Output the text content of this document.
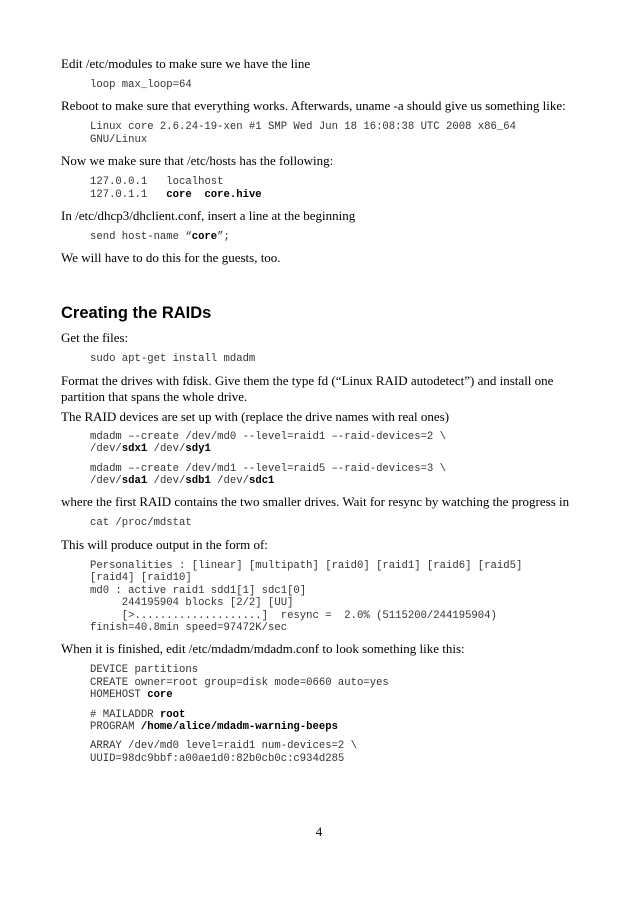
Edit /etc/modules to make sure we have the line

loop max_loop=64

Reboot to make sure that everything works. Afterwards, uname -a should give us something like:

Linux core 2.6.24-19-xen #1 SMP Wed Jun 18 16:08:38 UTC 2008 x86_64
GNU/Linux

Now we make sure that /etc/hosts has the following:

127.0.0.1 localhost
127.0.1.1 core core.hive

In /etc/dhcp3/dhclient.conf, insert a line at the beginning

send host-name “core”;

We will have to do this for the guests, too.

Creating the RAIDs

Get the files:

sudo apt-get install mdadm

Format the drives with fdisk. Give them the type fd (“Linux RAID autodetect”) and install one partition that spans the whole drive.

The RAID devices are set up with (replace the drive names with real ones)

mdadm –-create /dev/md0 --level=raid1 –-raid-devices=2 \
/dev/sdx1 /dev/sdy1
mdadm –-create /dev/md1 --level=raid5 –-raid-devices=3 \
/dev/sda1 /dev/sdb1 /dev/sdc1

where the first RAID contains the two smaller drives. Wait for resync by watching the progress in

cat /proc/mdstat

This will produce output in the form of:

Personalities : [linear] [multipath] [raid0] [raid1] [raid6] [raid5]
[raid4] [raid10]
md0 : active raid1 sdd1[1] sdc1[0]
244195904 blocks [2/2] [UU]
[>....................]  resync =  2.0% (5115200/244195904)
finish=40.8min speed=97472K/sec

When it is finished, edit /etc/mdadm/mdadm.conf to look something like this:

DEVICE partitions
CREATE owner=root group=disk mode=0660 auto=yes
HOMEHOST core

# MAILADDR root
PROGRAM /home/alice/mdadm-warning-beeps
ARRAY /dev/md0 level=raid1 num-devices=2 \
UUID=98dc9bbf:a00ae1d0:82b0cb0c:c934d285
4
